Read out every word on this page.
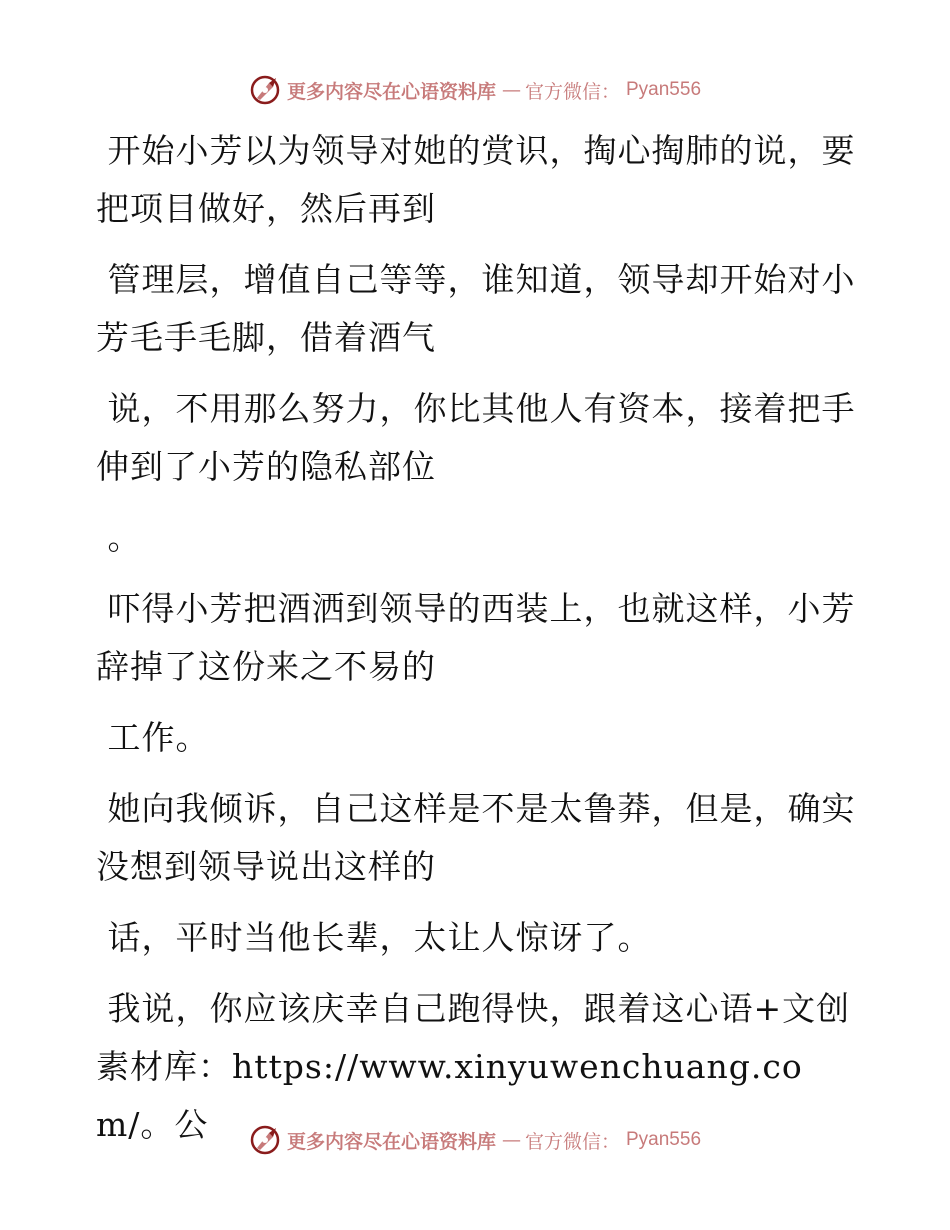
更多内容尽在心语资料库 — 官方微信： Pyan556

开始小芳以为领导对她的赏识，掏心掏肺的说，要把项目做好，然后再到

管理层，增值自己等等，谁知道，领导却开始对小芳毛手毛脚，借着酒气

说，不用那么努力，你比其他人有资本，接着把手伸到了小芳的隐私部位

。

吓得小芳把酒洒到领导的西装上，也就这样，小芳辞掉了这份来之不易的

工作。

她向我倾诉，自己这样是不是太鲁莽，但是，确实没想到领导说出这样的

话，平时当他长辈，太让人惊讶了。

我说，你应该庆幸自己跑得快，跟着这心语+文创素材库：https://www.xinyuwenchuang.com/。公	更多内容尽在心语资料库 — 官方微信： Pyan556
